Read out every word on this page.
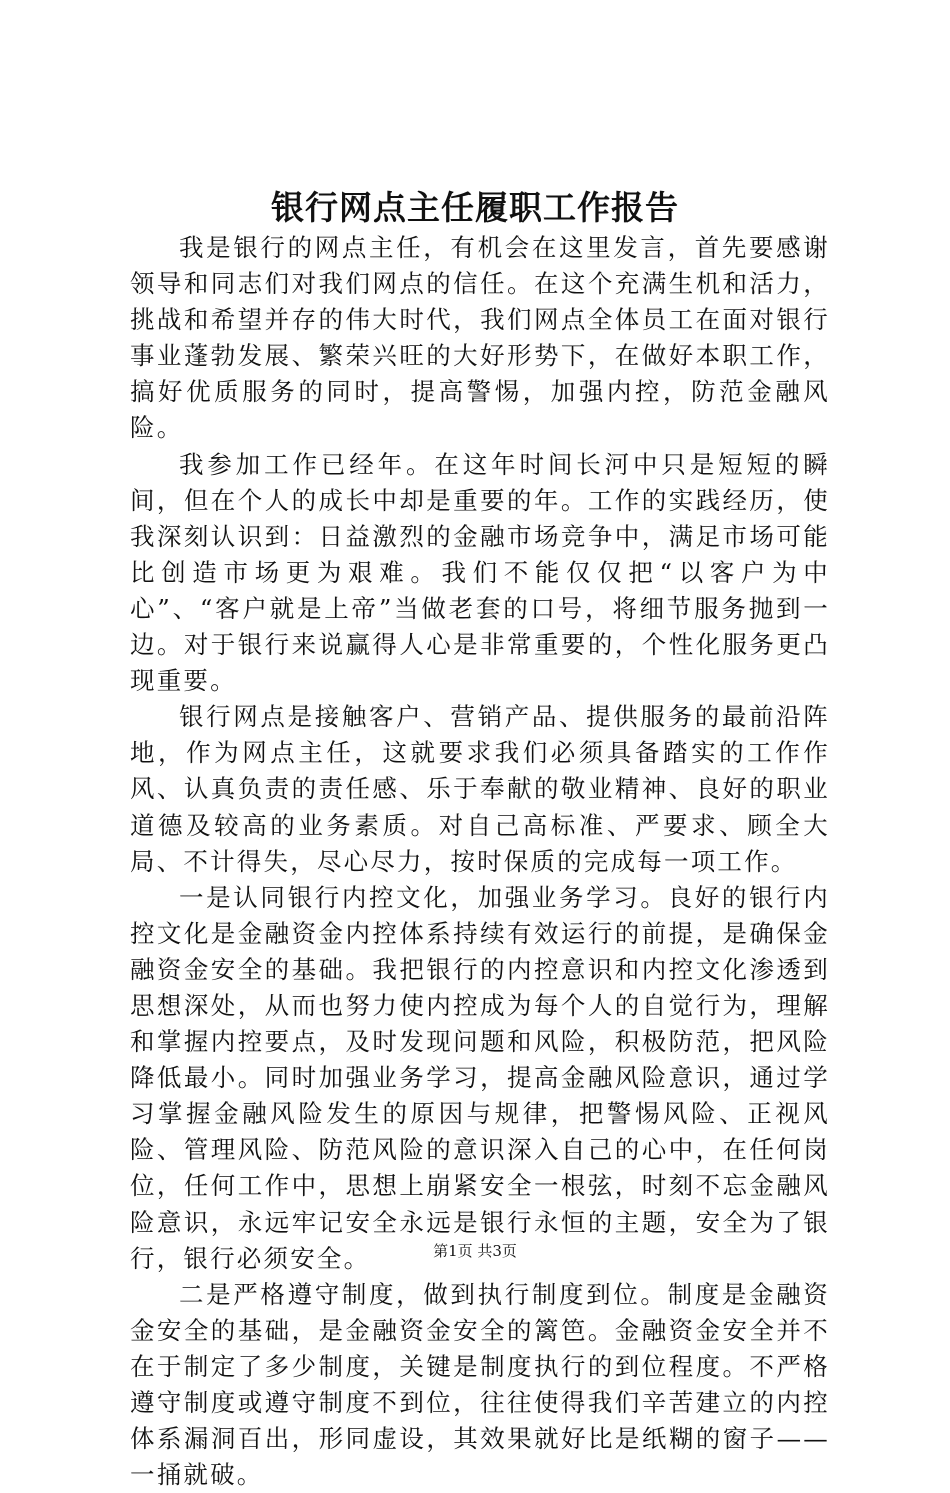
银行网点主任履职工作报告

我是银行的网点主任，有机会在这里发言，首先要感谢领导和同志们对我们网点的信任。在这个充满生机和活力，挑战和希望并存的伟大时代，我们网点全体员工在面对银行事业蓬勃发展、繁荣兴旺的大好形势下，在做好本职工作，搞好优质服务的同时，提高警惕，加强内控，防范金融风险。

我参加工作已经年。在这年时间长河中只是短短的瞬间，但在个人的成长中却是重要的年。工作的实践经历，使我深刻认识到：日益激烈的金融市场竞争中，满足市场可能比创造市场更为艰难。我们不能仅仅把“以客户为中心”、“客户就是上帝”当做老套的口号，将细节服务抛到一边。对于银行来说赢得人心是非常重要的，个性化服务更凸现重要。

银行网点是接触客户、营销产品、提供服务的最前沿阵地，作为网点主任，这就要求我们必须具备踏实的工作作风、认真负责的责任感、乐于奉献的敬业精神、良好的职业道德及较高的业务素质。对自己高标准、严要求、顾全大局、不计得失，尽心尽力，按时保质的完成每一项工作。

一是认同银行内控文化，加强业务学习。良好的银行内控文化是金融资金内控体系持续有效运行的前提，是确保金融资金安全的基础。我把银行的内控意识和内控文化渗透到思想深处，从而也努力使内控成为每个人的自觉行为，理解和掌握内控要点，及时发现问题和风险，积极防范，把风险降低最小。同时加强业务学习，提高金融风险意识，通过学习掌握金融风险发生的原因与规律，把警惕风险、正视风险、管理风险、防范风险的意识深入自己的心中，在任何岗位，任何工作中，思想上崩紧安全一根弦，时刻不忘金融风险意识，永远牢记安全永远是银行永恒的主题，安全为了银行，银行必须安全。

二是严格遵守制度，做到执行制度到位。制度是金融资金安全的基础，是金融资金安全的篱笆。金融资金安全并不在于制定了多少制度，关键是制度执行的到位程度。不严格遵守制度或遵守制度不到位，往往使得我们辛苦建立的内控体系漏洞百出，形同虚设，其效果就好比是纸糊的窗子——一捅就破。

第1页 共3页
